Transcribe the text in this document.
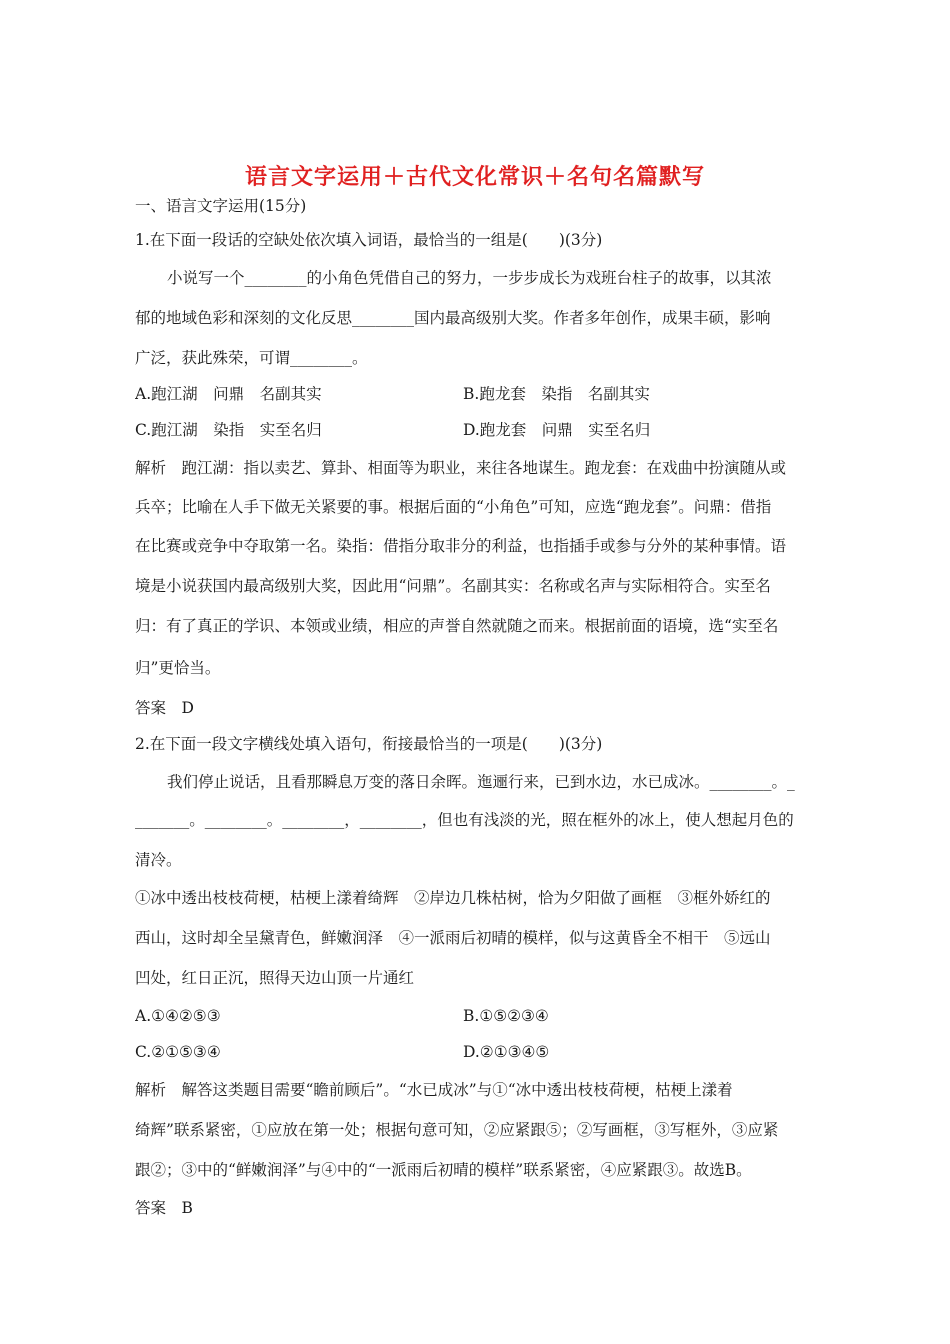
语言文字运用＋古代文化常识＋名句名篇默写
一、语言文字运用(15分)
1.在下面一段话的空缺处依次填入词语，最恰当的一组是(　　)(3分)
小说写一个________的小角色凭借自己的努力，一步步成长为戏班台柱子的故事，以其浓
郁的地域色彩和深刻的文化反思________国内最高级别大奖。作者多年创作，成果丰硕，影响
广泛，获此殊荣，可谓________。
A.跑江湖　问鼎　名副其实	B.跑龙套　染指　名副其实
C.跑江湖　染指　实至名归	D.跑龙套　问鼎　实至名归
解析　跑江湖：指以卖艺、算卦、相面等为职业，来往各地谋生。跑龙套：在戏曲中扮演随从或
兵卒；比喻在人手下做无关紧要的事。根据后面的“小角色”可知，应选“跑龙套”。问鼎：借指
在比赛或竞争中夺取第一名。染指：借指分取非分的利益，也指插手或参与分外的某种事情。语
境是小说获国内最高级别大奖，因此用“问鼎”。名副其实：名称或名声与实际相符合。实至名
归：有了真正的学识、本领或业绩，相应的声誉自然就随之而来。根据前面的语境，选“实至名
归”更恰当。
答案　D
2.在下面一段文字横线处填入语句，衔接最恰当的一项是(　　)(3分)
我们停止说话，且看那瞬息万变的落日余晖。迤逦行来，已到水边，水已成冰。________。_
_______。________。________，________，但也有浅淡的光，照在框外的冰上，使人想起月色的
清冷。
①冰中透出枝枝荷梗，枯梗上漾着绮辉　②岸边几株枯树，恰为夕阳做了画框　③框外娇红的
西山，这时却全呈黛青色，鲜嫩润泽　④一派雨后初晴的模样，似与这黄昏全不相干　⑤远山
凹处，红日正沉，照得天边山顶一片通红
A.①④②⑤③	B.①⑤②③④
C.②①⑤③④	D.②①③④⑤
解析　解答这类题目需要“瞻前顾后”。“水已成冰”与①“冰中透出枝枝荷梗，枯梗上漾着
绮辉”联系紧密，①应放在第一处；根据句意可知，②应紧跟⑤；②写画框，③写框外，③应紧
跟②；③中的“鲜嫩润泽”与④中的“一派雨后初晴的模样”联系紧密，④应紧跟③。故选B。
答案　B
